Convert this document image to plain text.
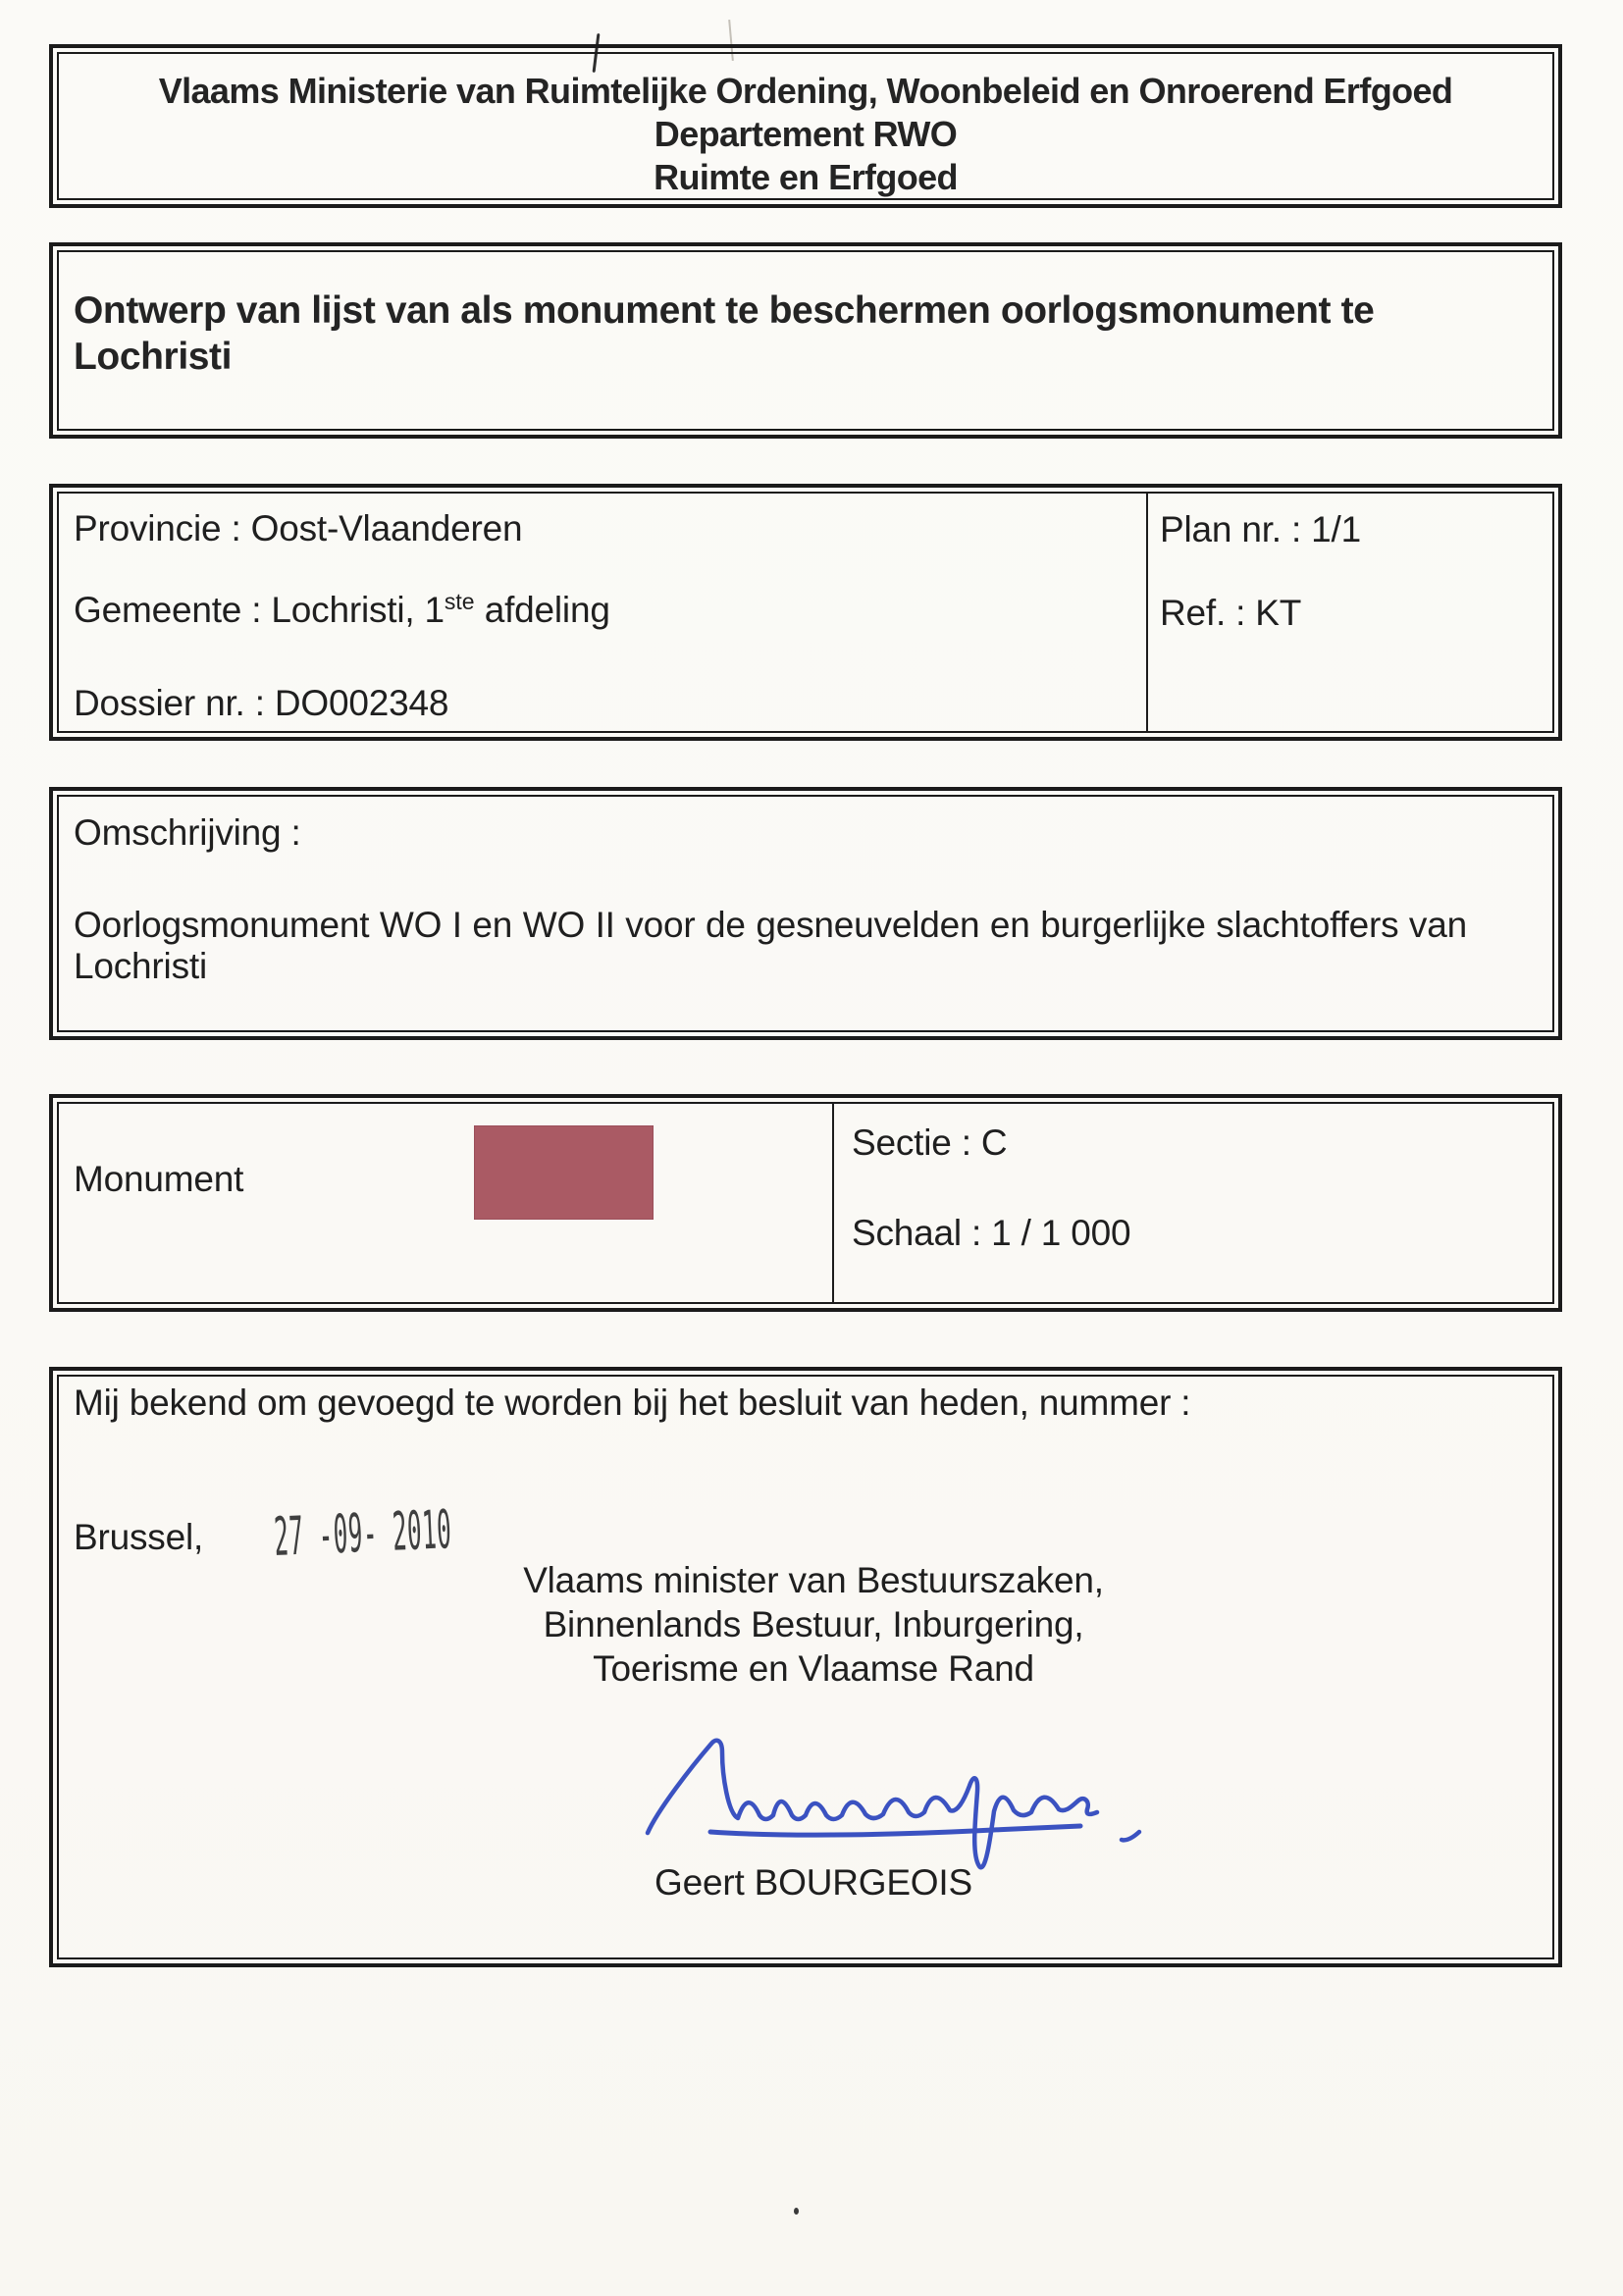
Vlaams Ministerie van Ruimtelijke Ordening, Woonbeleid en Onroerend Erfgoed
Departement RWO
Ruimte en Erfgoed
Ontwerp van lijst van als monument te beschermen oorlogsmonument te
Lochristi
Provincie : Oost-Vlaanderen
Gemeente : Lochristi, 1ste afdeling
Dossier nr. : DO002348
Plan nr. : 1/1
Ref. : KT
Omschrijving :
Oorlogsmonument WO I en WO II voor de gesneuvelden en burgerlijke slachtoffers van Lochristi
Monument
Sectie : C
Schaal : 1 / 1 000
Mij bekend om gevoegd te worden bij het besluit van heden, nummer :
Brussel, 27 -09- 2010
Vlaams minister van Bestuurszaken,
Binnenlands Bestuur, Inburgering,
Toerisme en Vlaamse Rand
Geert BOURGEOIS
